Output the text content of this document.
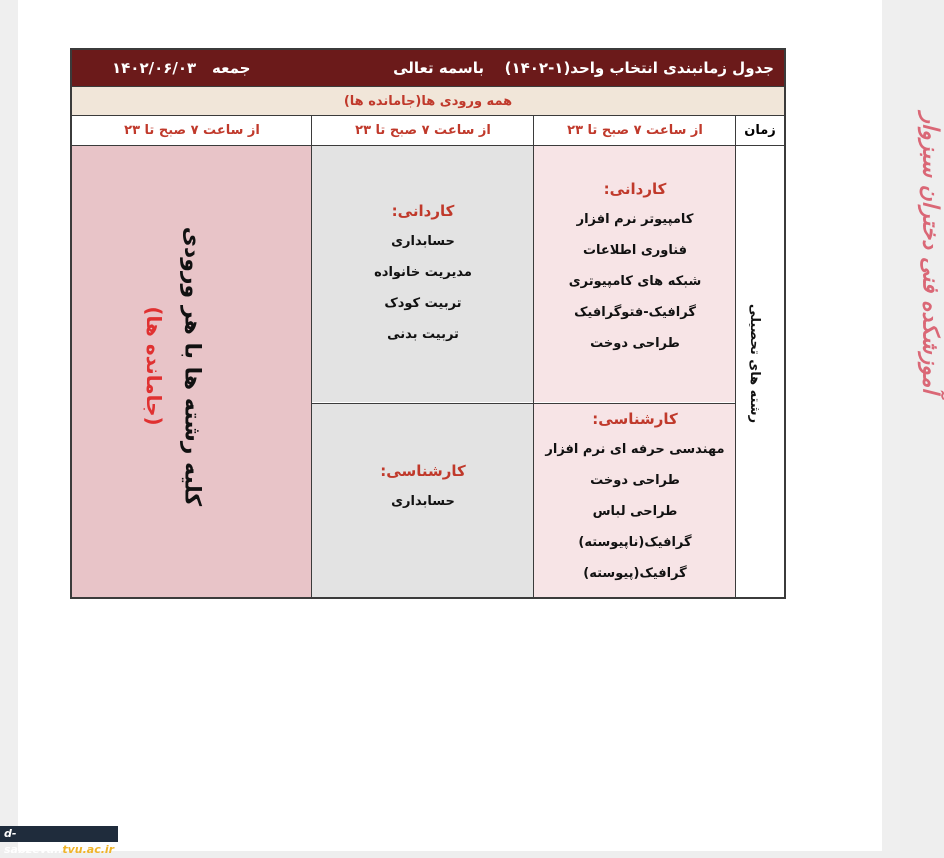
جدول زمانبندی انتخاب واحد(۱-۱۴۰۲)
باسمه تعالی
جمعه
۱۴۰۲/۰۶/۰۳
همه ورودی ها(جامانده ها)
زمان
از ساعت ۷ صبح تا ۲۳
از ساعت ۷ صبح تا ۲۳
از ساعت ۷ صبح تا ۲۳
رشته های تحصیلی
کاردانی:
کامپیوتر نرم افزار
فناوری اطلاعات
شبکه های کامپیوتری
گرافیک-فتوگرافیک
طراحی دوخت
کارشناسی:
مهندسی حرفه ای نرم افزار
طراحی دوخت
طراحی لباس
گرافیک(ناپیوسته)
گرافیک(پیوسته)
کاردانی:
حسابداری
مدیریت خانواده
تربیت کودک
تربیت بدنی
کارشناسی:
حسابداری
کلیه رشته ها با هر ورودی
(جامانده ها)	آموزشکده فنی دختران سبزوار
d-sabzevar.tvu.ac.ir
